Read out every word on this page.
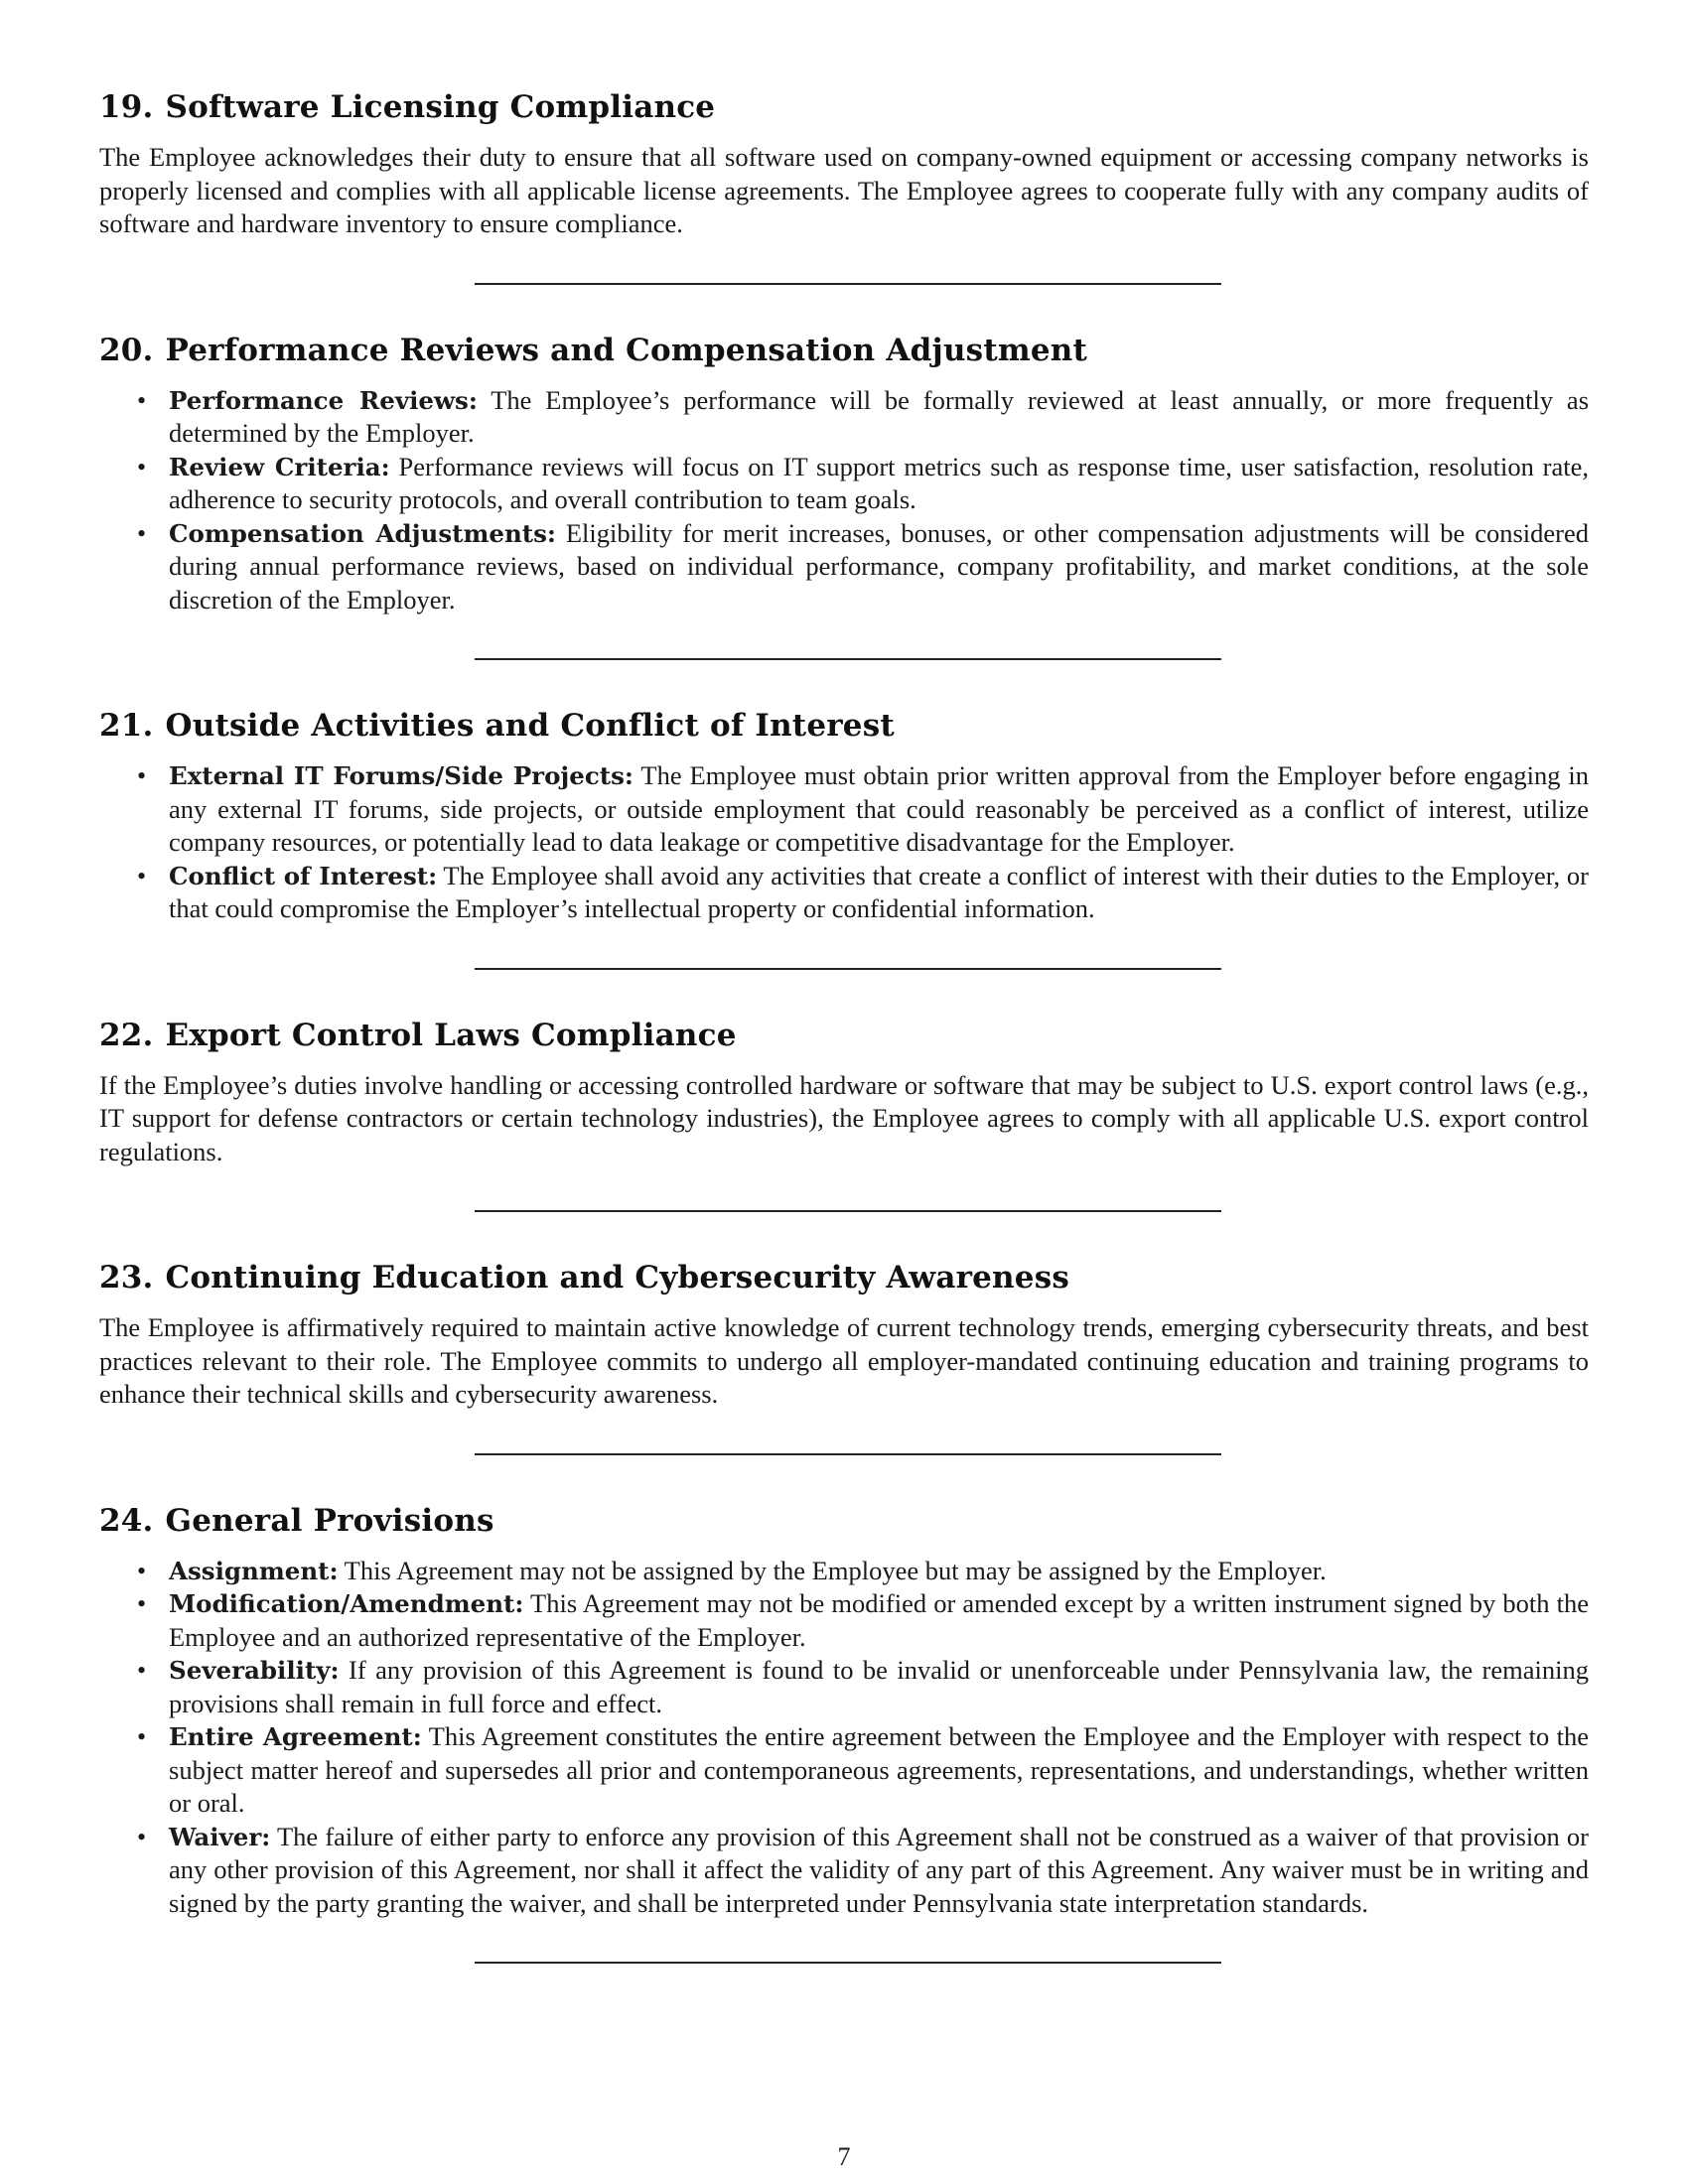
19. Software Licensing Compliance

The Employee acknowledges their duty to ensure that all software used on company-owned equipment or accessing company networks is properly licensed and complies with all applicable license agreements. The Employee agrees to cooperate fully with any company audits of software and hardware inventory to ensure compliance.

20. Performance Reviews and Compensation Adjustment
• Performance Reviews: The Employee’s performance will be formally reviewed at least annually, or more frequently as determined by the Employer.
• Review Criteria: Performance reviews will focus on IT support metrics such as response time, user satisfaction, resolution rate, adherence to security protocols, and overall contribution to team goals.
• Compensation Adjustments: Eligibility for merit increases, bonuses, or other compensation adjustments will be considered during annual performance reviews, based on individual performance, company profitability, and market conditions, at the sole discretion of the Employer.
21. Outside Activities and Conflict of Interest
• External IT Forums/Side Projects: The Employee must obtain prior written approval from the Employer before engaging in any external IT forums, side projects, or outside employment that could reasonably be perceived as a conflict of interest, utilize company resources, or potentially lead to data leakage or competitive disadvantage for the Employer.
• Conflict of Interest: The Employee shall avoid any activities that create a conflict of interest with their duties to the Employer, or that could compromise the Employer’s intellectual property or confidential information.
22. Export Control Laws Compliance

If the Employee’s duties involve handling or accessing controlled hardware or software that may be subject to U.S. export control laws (e.g., IT support for defense contractors or certain technology industries), the Employee agrees to comply with all applicable U.S. export control regulations.

23. Continuing Education and Cybersecurity Awareness

The Employee is affirmatively required to maintain active knowledge of current technology trends, emerging cybersecurity threats, and best practices relevant to their role. The Employee commits to undergo all employer-mandated continuing education and training programs to enhance their technical skills and cybersecurity awareness.

24. General Provisions
• Assignment: This Agreement may not be assigned by the Employee but may be assigned by the Employer.
• Modification/Amendment: This Agreement may not be modified or amended except by a written instrument signed by both the Employee and an authorized representative of the Employer.
• Severability: If any provision of this Agreement is found to be invalid or unenforceable under Pennsylvania law, the remaining provisions shall remain in full force and effect.
• Entire Agreement: This Agreement constitutes the entire agreement between the Employee and the Employer with respect to the subject matter hereof and supersedes all prior and contemporaneous agreements, representations, and understandings, whether written or oral.
• Waiver: The failure of either party to enforce any provision of this Agreement shall not be construed as a waiver of that provision or any other provision of this Agreement, nor shall it affect the validity of any part of this Agreement. Any waiver must be in writing and signed by the party granting the waiver, and shall be interpreted under Pennsylvania state interpretation standards.
7
